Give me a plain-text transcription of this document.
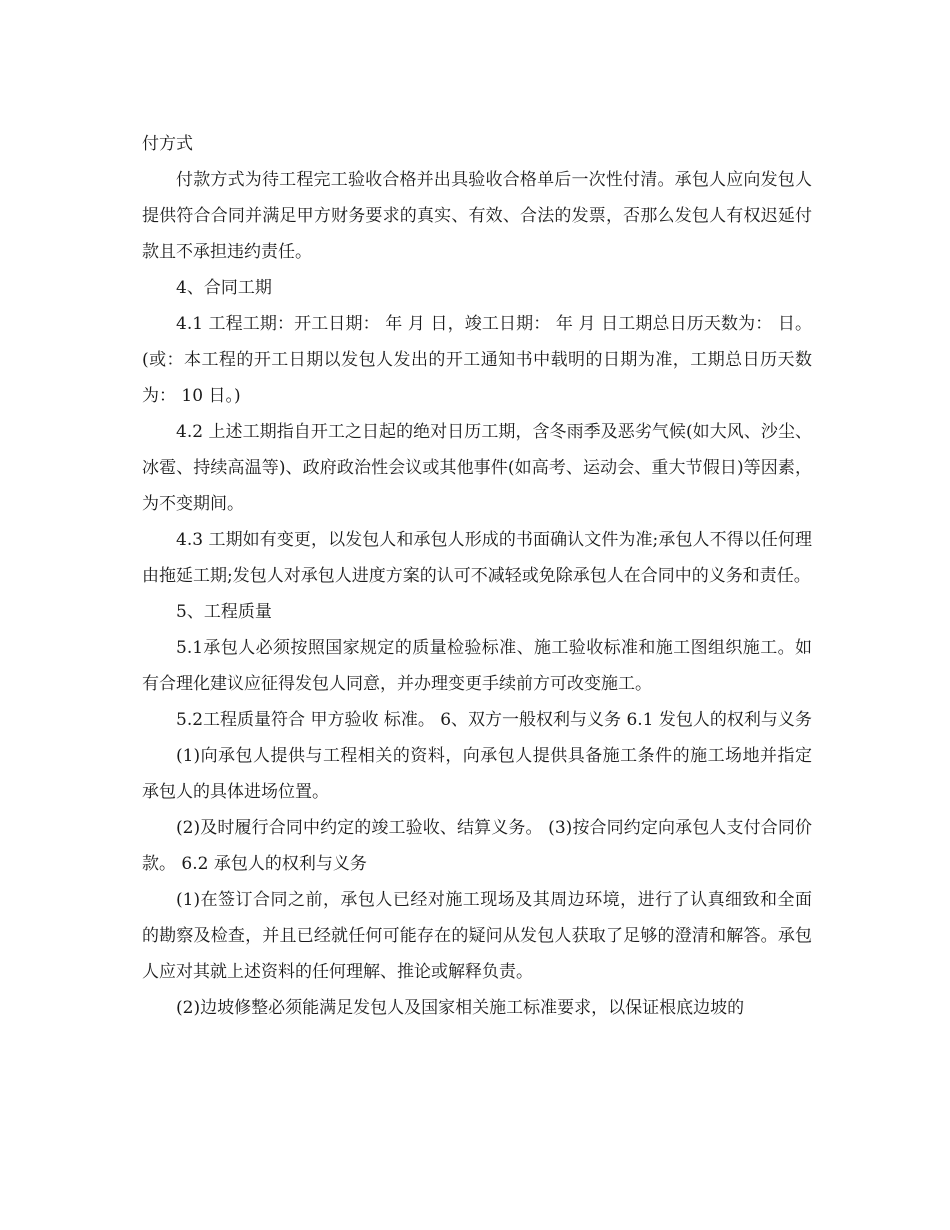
付方式

付款方式为待工程完工验收合格并出具验收合格单后一次性付清。承包人应向发包人提供符合合同并满足甲方财务要求的真实、有效、合法的发票，否那么发包人有权迟延付款且不承担违约责任。

4、合同工期

4.1 工程工期：开工日期： 年 月 日，竣工日期： 年 月 日工期总日历天数为： 日。(或：本工程的开工日期以发包人发出的开工通知书中载明的日期为准，工期总日历天数为： 10 日。)

4.2 上述工期指自开工之日起的绝对日历工期，含冬雨季及恶劣气候(如大风、沙尘、冰雹、持续高温等)、政府政治性会议或其他事件(如高考、运动会、重大节假日)等因素，为不变期间。

4.3 工期如有变更，以发包人和承包人形成的书面确认文件为准;承包人不得以任何理由拖延工期;发包人对承包人进度方案的认可不减轻或免除承包人在合同中的义务和责任。

5、工程质量

5.1承包人必须按照国家规定的质量检验标准、施工验收标准和施工图组织施工。如有合理化建议应征得发包人同意，并办理变更手续前方可改变施工。

5.2工程质量符合 甲方验收 标准。 6、双方一般权利与义务 6.1 发包人的权利与义务

(1)向承包人提供与工程相关的资料，向承包人提供具备施工条件的施工场地并指定承包人的具体进场位置。

(2)及时履行合同中约定的竣工验收、结算义务。 (3)按合同约定向承包人支付合同价款。 6.2 承包人的权利与义务

(1)在签订合同之前，承包人已经对施工现场及其周边环境，进行了认真细致和全面的勘察及检查，并且已经就任何可能存在的疑问从发包人获取了足够的澄清和解答。承包人应对其就上述资料的任何理解、推论或解释负责。

(2)边坡修整必须能满足发包人及国家相关施工标准要求，以保证根底边坡的
